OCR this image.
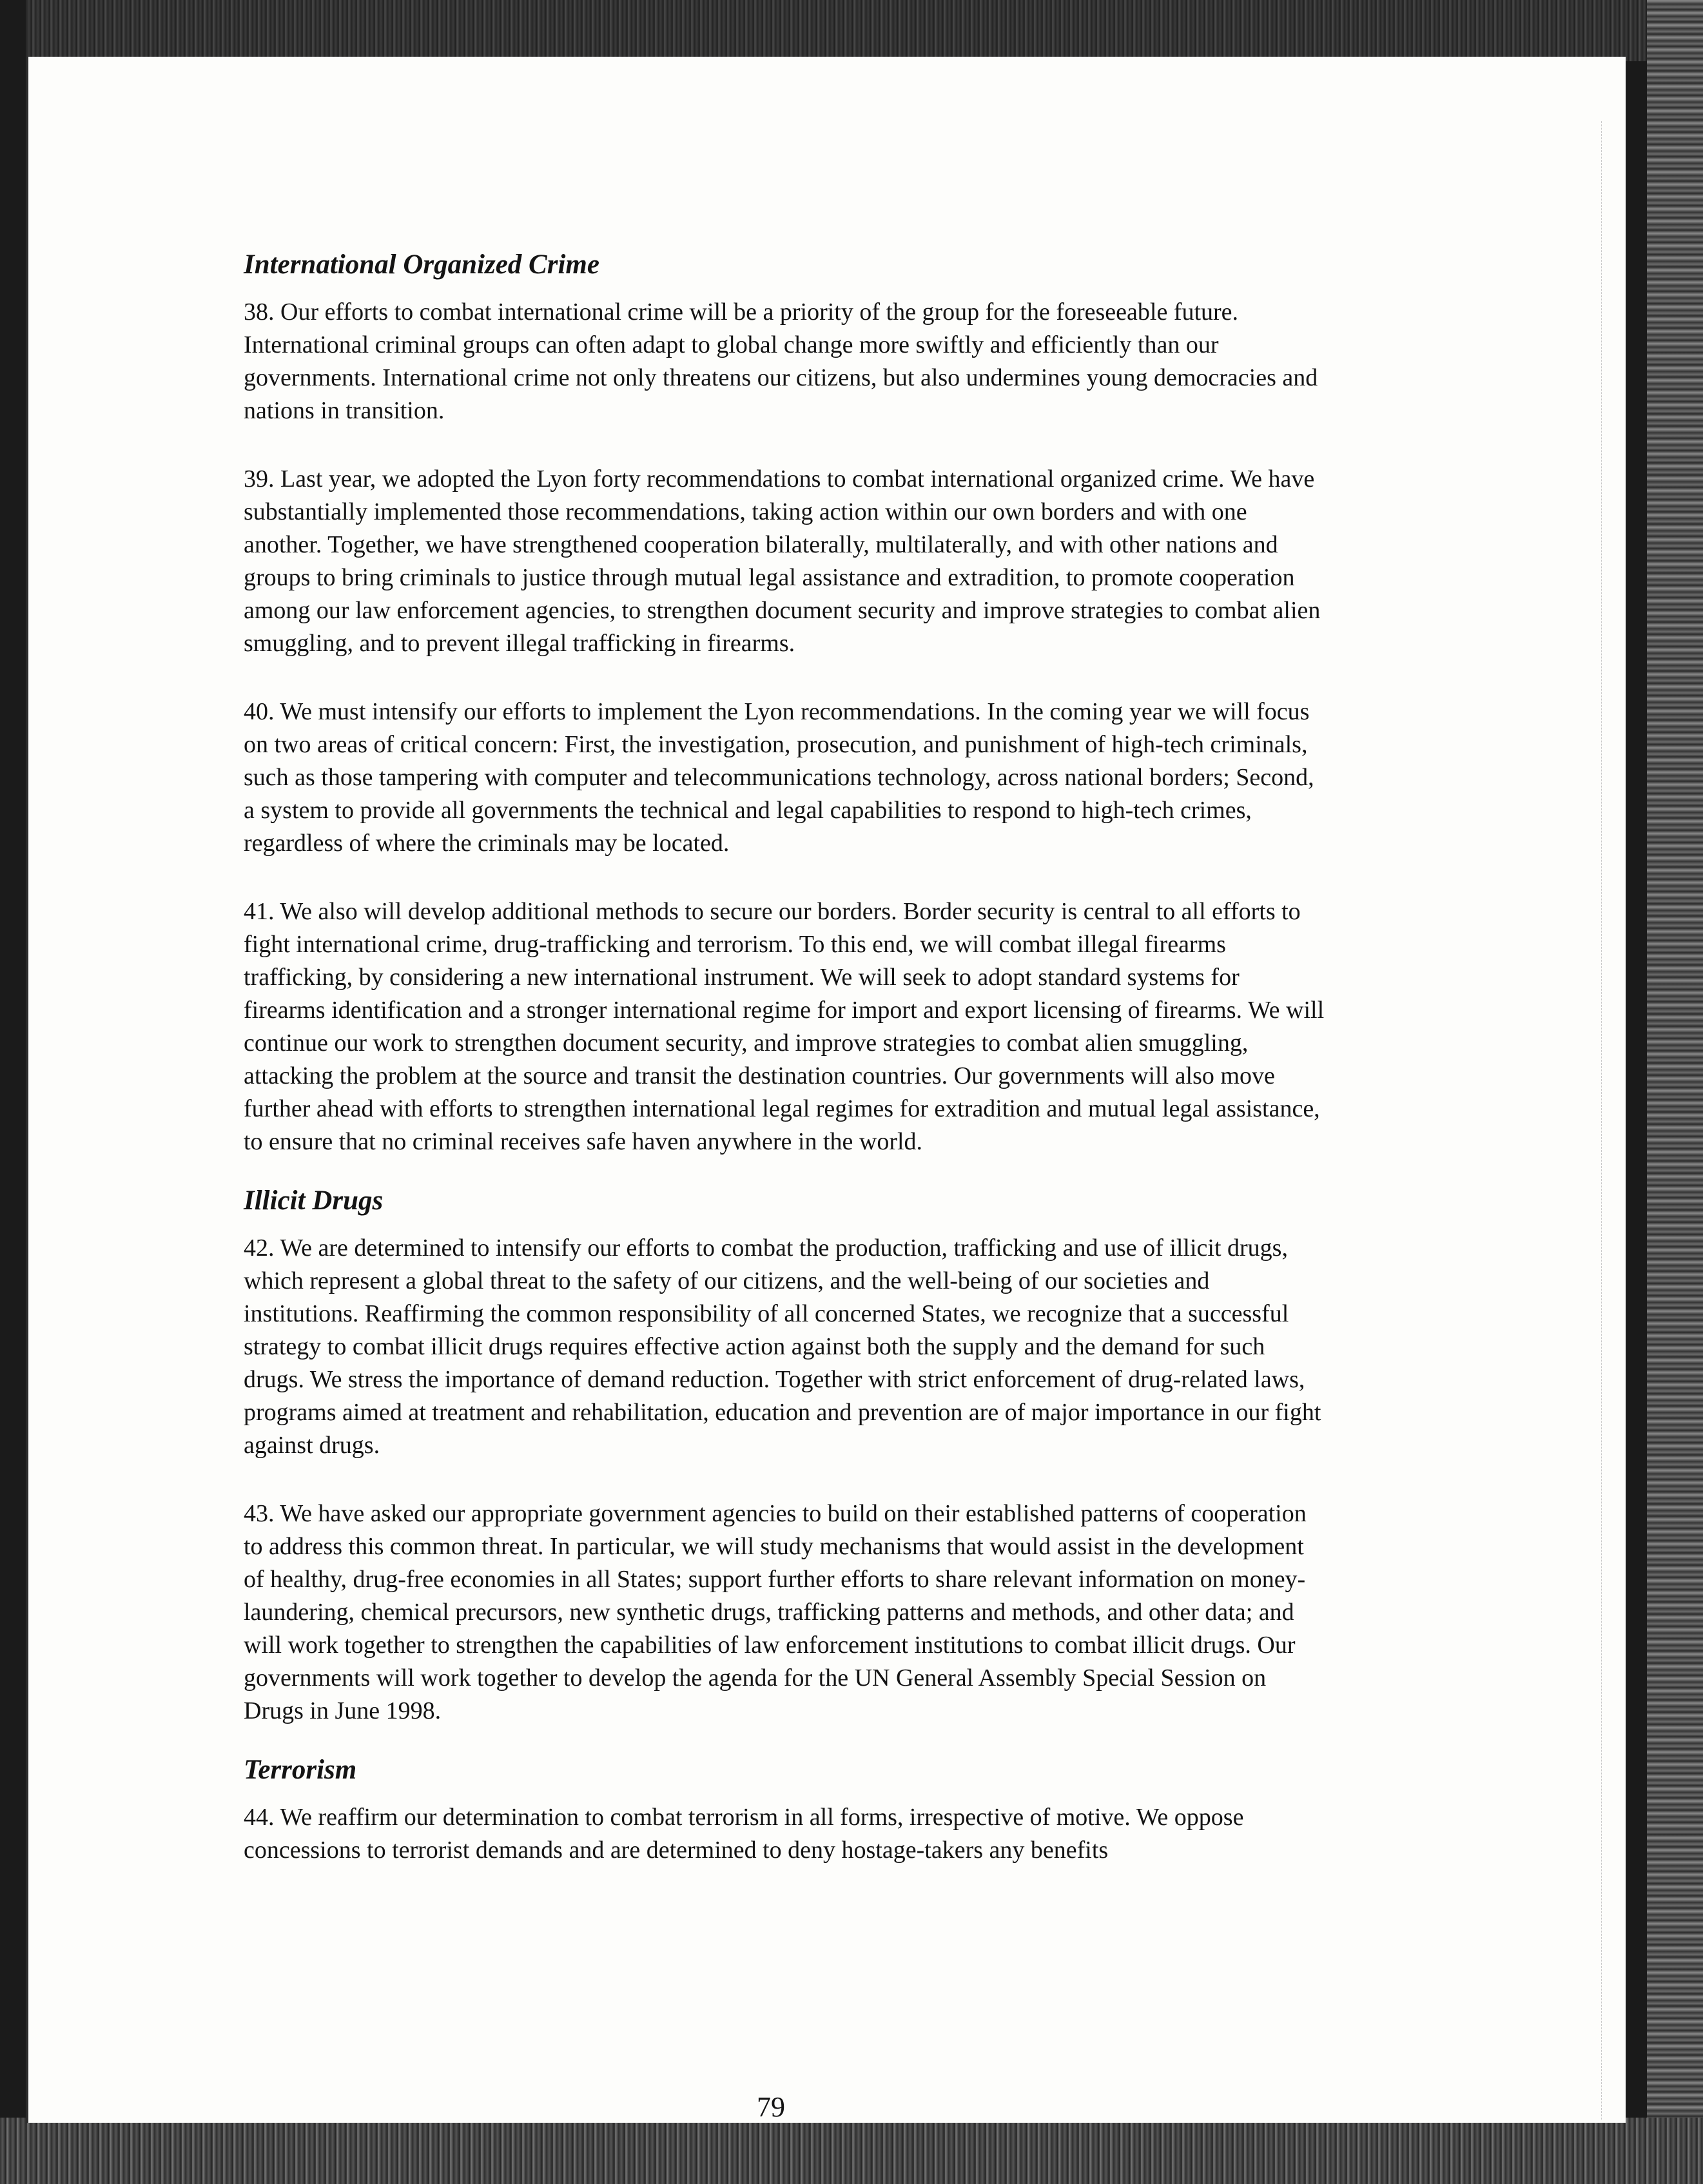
International Organized Crime

38. Our efforts to combat international crime will be a priority of the group for the foreseeable future. International criminal groups can often adapt to global change more swiftly and efficiently than our governments. International crime not only threatens our citizens, but also undermines young democracies and nations in transition.

39. Last year, we adopted the Lyon forty recommendations to combat international organized crime. We have substantially implemented those recommendations, taking action within our own borders and with one another. Together, we have strengthened cooperation bilaterally, multilaterally, and with other nations and groups to bring criminals to justice through mutual legal assistance and extradition, to promote cooperation among our law enforcement agencies, to strengthen document security and improve strategies to combat alien smuggling, and to prevent illegal trafficking in firearms.

40. We must intensify our efforts to implement the Lyon recommendations. In the coming year we will focus on two areas of critical concern: First, the investigation, prosecution, and punishment of high-tech criminals, such as those tampering with computer and telecommunications technology, across national borders; Second, a system to provide all governments the technical and legal capabilities to respond to high-tech crimes, regardless of where the criminals may be located.

41. We also will develop additional methods to secure our borders. Border security is central to all efforts to fight international crime, drug-trafficking and terrorism. To this end, we will combat illegal firearms trafficking, by considering a new international instrument. We will seek to adopt standard systems for firearms identification and a stronger international regime for import and export licensing of firearms. We will continue our work to strengthen document security, and improve strategies to combat alien smuggling, attacking the problem at the source and transit the destination countries. Our governments will also move further ahead with efforts to strengthen international legal regimes for extradition and mutual legal assistance, to ensure that no criminal receives safe haven anywhere in the world.

Illicit Drugs

42. We are determined to intensify our efforts to combat the production, trafficking and use of illicit drugs, which represent a global threat to the safety of our citizens, and the well-being of our societies and institutions. Reaffirming the common responsibility of all concerned States, we recognize that a successful strategy to combat illicit drugs requires effective action against both the supply and the demand for such drugs. We stress the importance of demand reduction. Together with strict enforcement of drug-related laws, programs aimed at treatment and rehabilitation, education and prevention are of major importance in our fight against drugs.

43. We have asked our appropriate government agencies to build on their established patterns of cooperation to address this common threat. In particular, we will study mechanisms that would assist in the development of healthy, drug-free economies in all States; support further efforts to share relevant information on money-laundering, chemical precursors, new synthetic drugs, trafficking patterns and methods, and other data; and will work together to strengthen the capabilities of law enforcement institutions to combat illicit drugs. Our governments will work together to develop the agenda for the UN General Assembly Special Session on Drugs in June 1998.

Terrorism

44. We reaffirm our determination to combat terrorism in all forms, irrespective of motive. We oppose concessions to terrorist demands and are determined to deny hostage-takers any benefits

79
